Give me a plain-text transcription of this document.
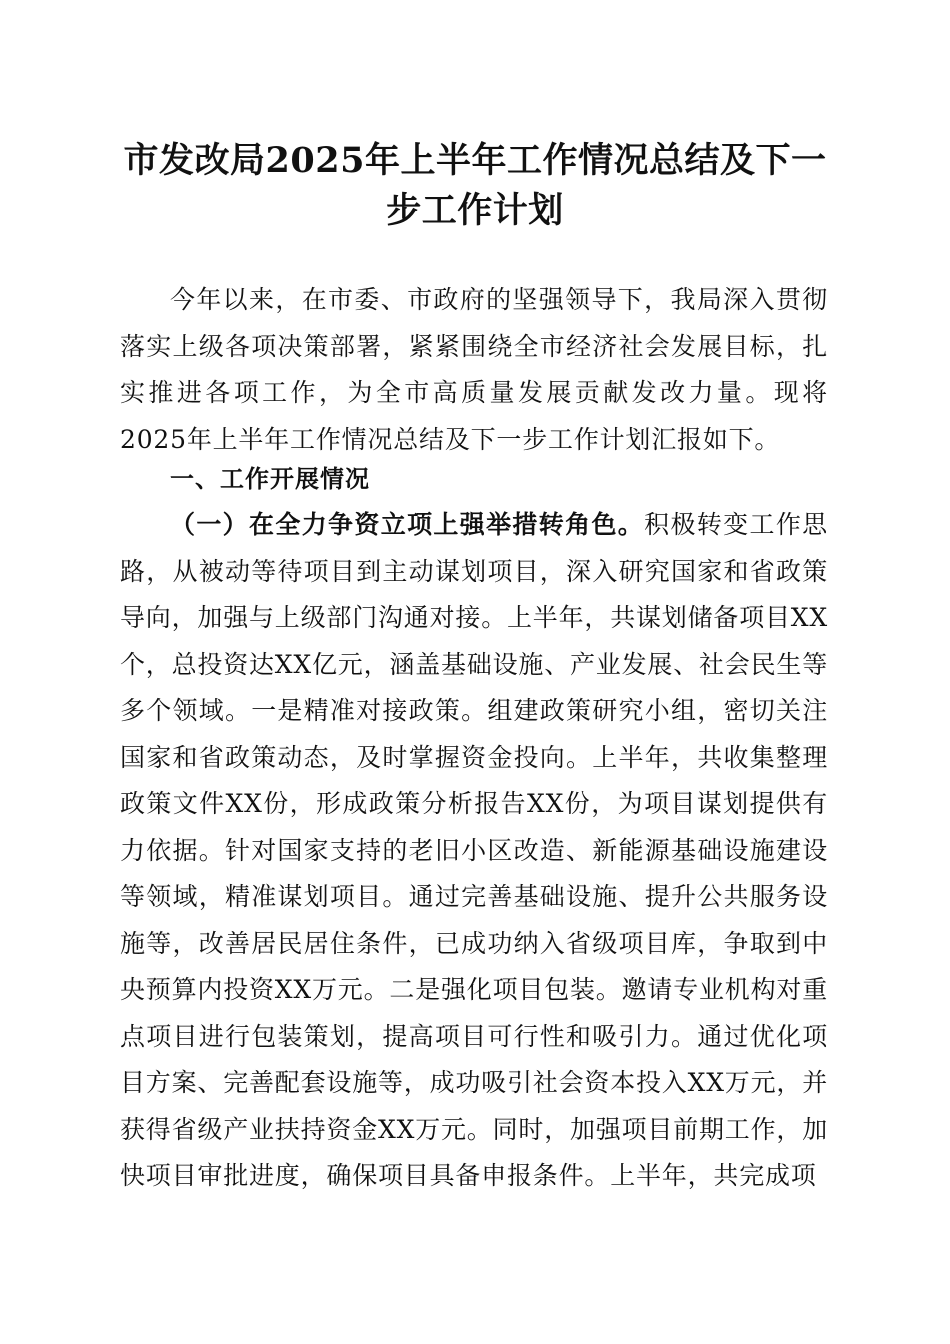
市发改局2025年上半年工作情况总结及下一步工作计划

今年以来，在市委、市政府的坚强领导下，我局深入贯彻落实上级各项决策部署，紧紧围绕全市经济社会发展目标，扎实推进各项工作，为全市高质量发展贡献发改力量。现将2025年上半年工作情况总结及下一步工作计划汇报如下。

一、工作开展情况

（一）在全力争资立项上强举措转角色。积极转变工作思路，从被动等待项目到主动谋划项目，深入研究国家和省政策导向，加强与上级部门沟通对接。上半年，共谋划储备项目XX个，总投资达XX亿元，涵盖基础设施、产业发展、社会民生等多个领域。一是精准对接政策。组建政策研究小组，密切关注国家和省政策动态，及时掌握资金投向。上半年，共收集整理政策文件XX份，形成政策分析报告XX份，为项目谋划提供有力依据。针对国家支持的老旧小区改造、新能源基础设施建设等领域，精准谋划项目。通过完善基础设施、提升公共服务设施等，改善居民居住条件，已成功纳入省级项目库，争取到中央预算内投资XX万元。二是强化项目包装。邀请专业机构对重点项目进行包装策划，提高项目可行性和吸引力。通过优化项目方案、完善配套设施等，成功吸引社会资本投入XX万元，并获得省级产业扶持资金XX万元。同时，加强项目前期工作，加快项目审批进度，确保项目具备申报条件。上半年，共完成项
